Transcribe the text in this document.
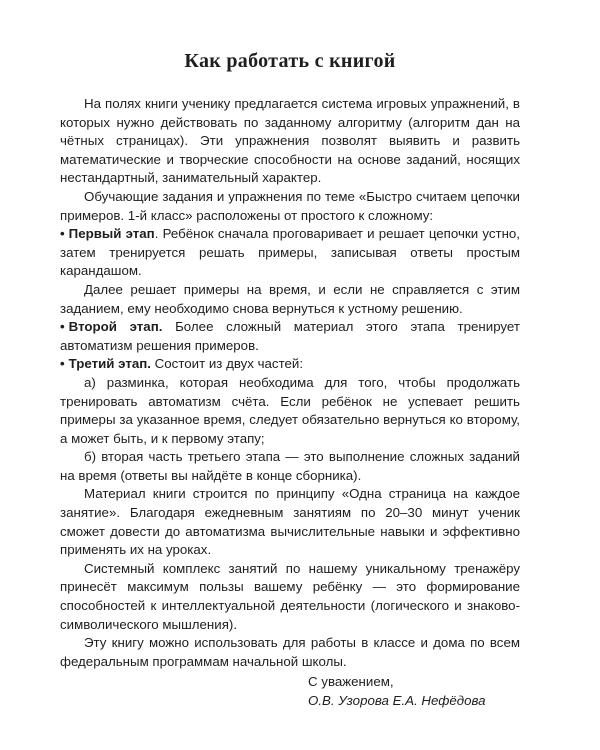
Как работать с книгой

На полях книги ученику предлагается система игровых упражнений, в которых нужно действовать по заданному алгоритму (алгоритм дан на чётных страницах). Эти упражнения позволят выявить и развить математические и творческие способности на основе заданий, носящих нестандартный, занимательный характер.

Обучающие задания и упражнения по теме «Быстро считаем цепочки примеров. 1-й класс» расположены от простого к сложному:

• Первый этап. Ребёнок сначала проговаривает и решает цепочки устно, затем тренируется решать примеры, записывая ответы простым карандашом.

Далее решает примеры на время, и если не справляется с этим заданием, ему необходимо снова вернуться к устному решению.

• Второй этап. Более сложный материал этого этапа тренирует автоматизм решения примеров.

• Третий этап. Состоит из двух частей:

а) разминка, которая необходима для того, чтобы продолжать тренировать автоматизм счёта. Если ребёнок не успевает решить примеры за указанное время, следует обязательно вернуться ко второму, а может быть, и к первому этапу;

б) вторая часть третьего этапа — это выполнение сложных заданий на время (ответы вы найдёте в конце сборника).

Материал книги строится по принципу «Одна страница на каждое занятие». Благодаря ежедневным занятиям по 20–30 минут ученик сможет довести до автоматизма вычислительные навыки и эффективно применять их на уроках.

Системный комплекс занятий по нашему уникальному тренажёру принесёт максимум пользы вашему ребёнку — это формирование способностей к интеллектуальной деятельности (логического и знаково-символического мышления).

Эту книгу можно использовать для работы в классе и дома по всем федеральным программам начальной школы.

С уважением,
О.В. Узорова Е.А. Нефёдова
